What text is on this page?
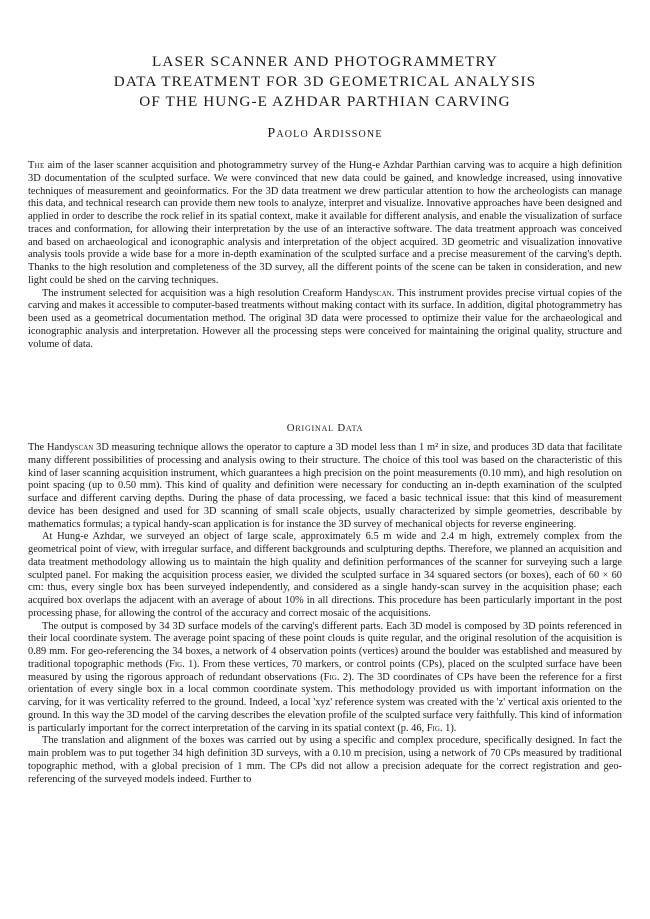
LASER SCANNER AND PHOTOGRAMMETRY
DATA TREATMENT FOR 3D GEOMETRICAL ANALYSIS
OF THE HUNG-E AZHDAR PARTHIAN CARVING
Paolo Ardissone

The aim of the laser scanner acquisition and photogrammetry survey of the Hung-e Azhdar Parthian carving was to acquire a high definition 3D documentation of the sculpted surface. We were convinced that new data could be gained, and knowledge increased, using innovative techniques of measurement and geoinformatics. For the 3D data treatment we drew particular attention to how the archeologists can manage this data, and technical research can provide them new tools to analyze, interpret and visualize. Innovative approaches have been designed and applied in order to describe the rock relief in its spatial context, make it available for different analysis, and enable the visualization of surface traces and conformation, for allowing their interpretation by the use of an interactive software. The data treatment approach was conceived and based on archaeological and iconographic analysis and interpretation of the object acquired. 3D geometric and visualization innovative analysis tools provide a wide base for a more in-depth examination of the sculpted surface and a precise measurement of the carving's depth. Thanks to the high resolution and completeness of the 3D survey, all the different points of the scene can be taken in consideration, and new light could be shed on the carving techniques.

The instrument selected for acquisition was a high resolution Creaform Handyscan. This instrument provides precise virtual copies of the carving and makes it accessible to computer-based treatments without making contact with its surface. In addition, digital photogrammetry has been used as a geometrical documentation method. The original 3D data were processed to optimize their value for the archaeological and iconographic analysis and interpretation. However all the processing steps were conceived for maintaining the original quality, structure and volume of data.

Original Data

The Handyscan 3D measuring technique allows the operator to capture a 3D model less than 1 m² in size, and produces 3D data that facilitate many different possibilities of processing and analysis owing to their structure. The choice of this tool was based on the characteristic of this kind of laser scanning acquisition instrument, which guarantees a high precision on the point measurements (0.10 mm), and high resolution on point spacing (up to 0.50 mm). This kind of quality and definition were necessary for conducting an in-depth examination of the sculpted surface and different carving depths. During the phase of data processing, we faced a basic technical issue: that this kind of measurement device has been designed and used for 3D scanning of small scale objects, usually characterized by simple geometries, describable by mathematics formulas; a typical handy-scan application is for instance the 3D survey of mechanical objects for reverse engineering.

At Hung-e Azhdar, we surveyed an object of large scale, approximately 6.5 m wide and 2.4 m high, extremely complex from the geometrical point of view, with irregular surface, and different backgrounds and sculpturing depths. Therefore, we planned an acquisition and data treatment methodology allowing us to maintain the high quality and definition performances of the scanner for surveying such a large sculpted panel. For making the acquisition process easier, we divided the sculpted surface in 34 squared sectors (or boxes), each of 60 × 60 cm: thus, every single box has been surveyed independently, and considered as a single handy-scan survey in the acquisition phase; each acquired box overlaps the adjacent with an average of about 10% in all directions. This procedure has been particularly important in the post processing phase, for allowing the control of the accuracy and correct mosaic of the acquisitions.

The output is composed by 34 3D surface models of the carving's different parts. Each 3D model is composed by 3D points referenced in their local coordinate system. The average point spacing of these point clouds is quite regular, and the original resolution of the acquisition is 0.89 mm. For geo-referencing the 34 boxes, a network of 4 observation points (vertices) around the boulder was established and measured by traditional topographic methods (Fig. 1). From these vertices, 70 markers, or control points (CPs), placed on the sculpted surface have been measured by using the rigorous approach of redundant observations (Fig. 2). The 3D coordinates of CPs have been the reference for a first orientation of every single box in a local common coordinate system. This methodology provided us with important information on the carving, for it was verticality referred to the ground. Indeed, a local 'xyz' reference system was created with the 'z' vertical axis oriented to the ground. In this way the 3D model of the carving describes the elevation profile of the sculpted surface very faithfully. This kind of information is particularly important for the correct interpretation of the carving in its spatial context (p. 46, Fig. 1).

The translation and alignment of the boxes was carried out by using a specific and complex procedure, specifically designed. In fact the main problem was to put together 34 high definition 3D surveys, with a 0.10 m precision, using a network of 70 CPs measured by traditional topographic method, with a global precision of 1 mm. The CPs did not allow a precision adequate for the correct registration and geo-referencing of the surveyed models indeed. Further to
